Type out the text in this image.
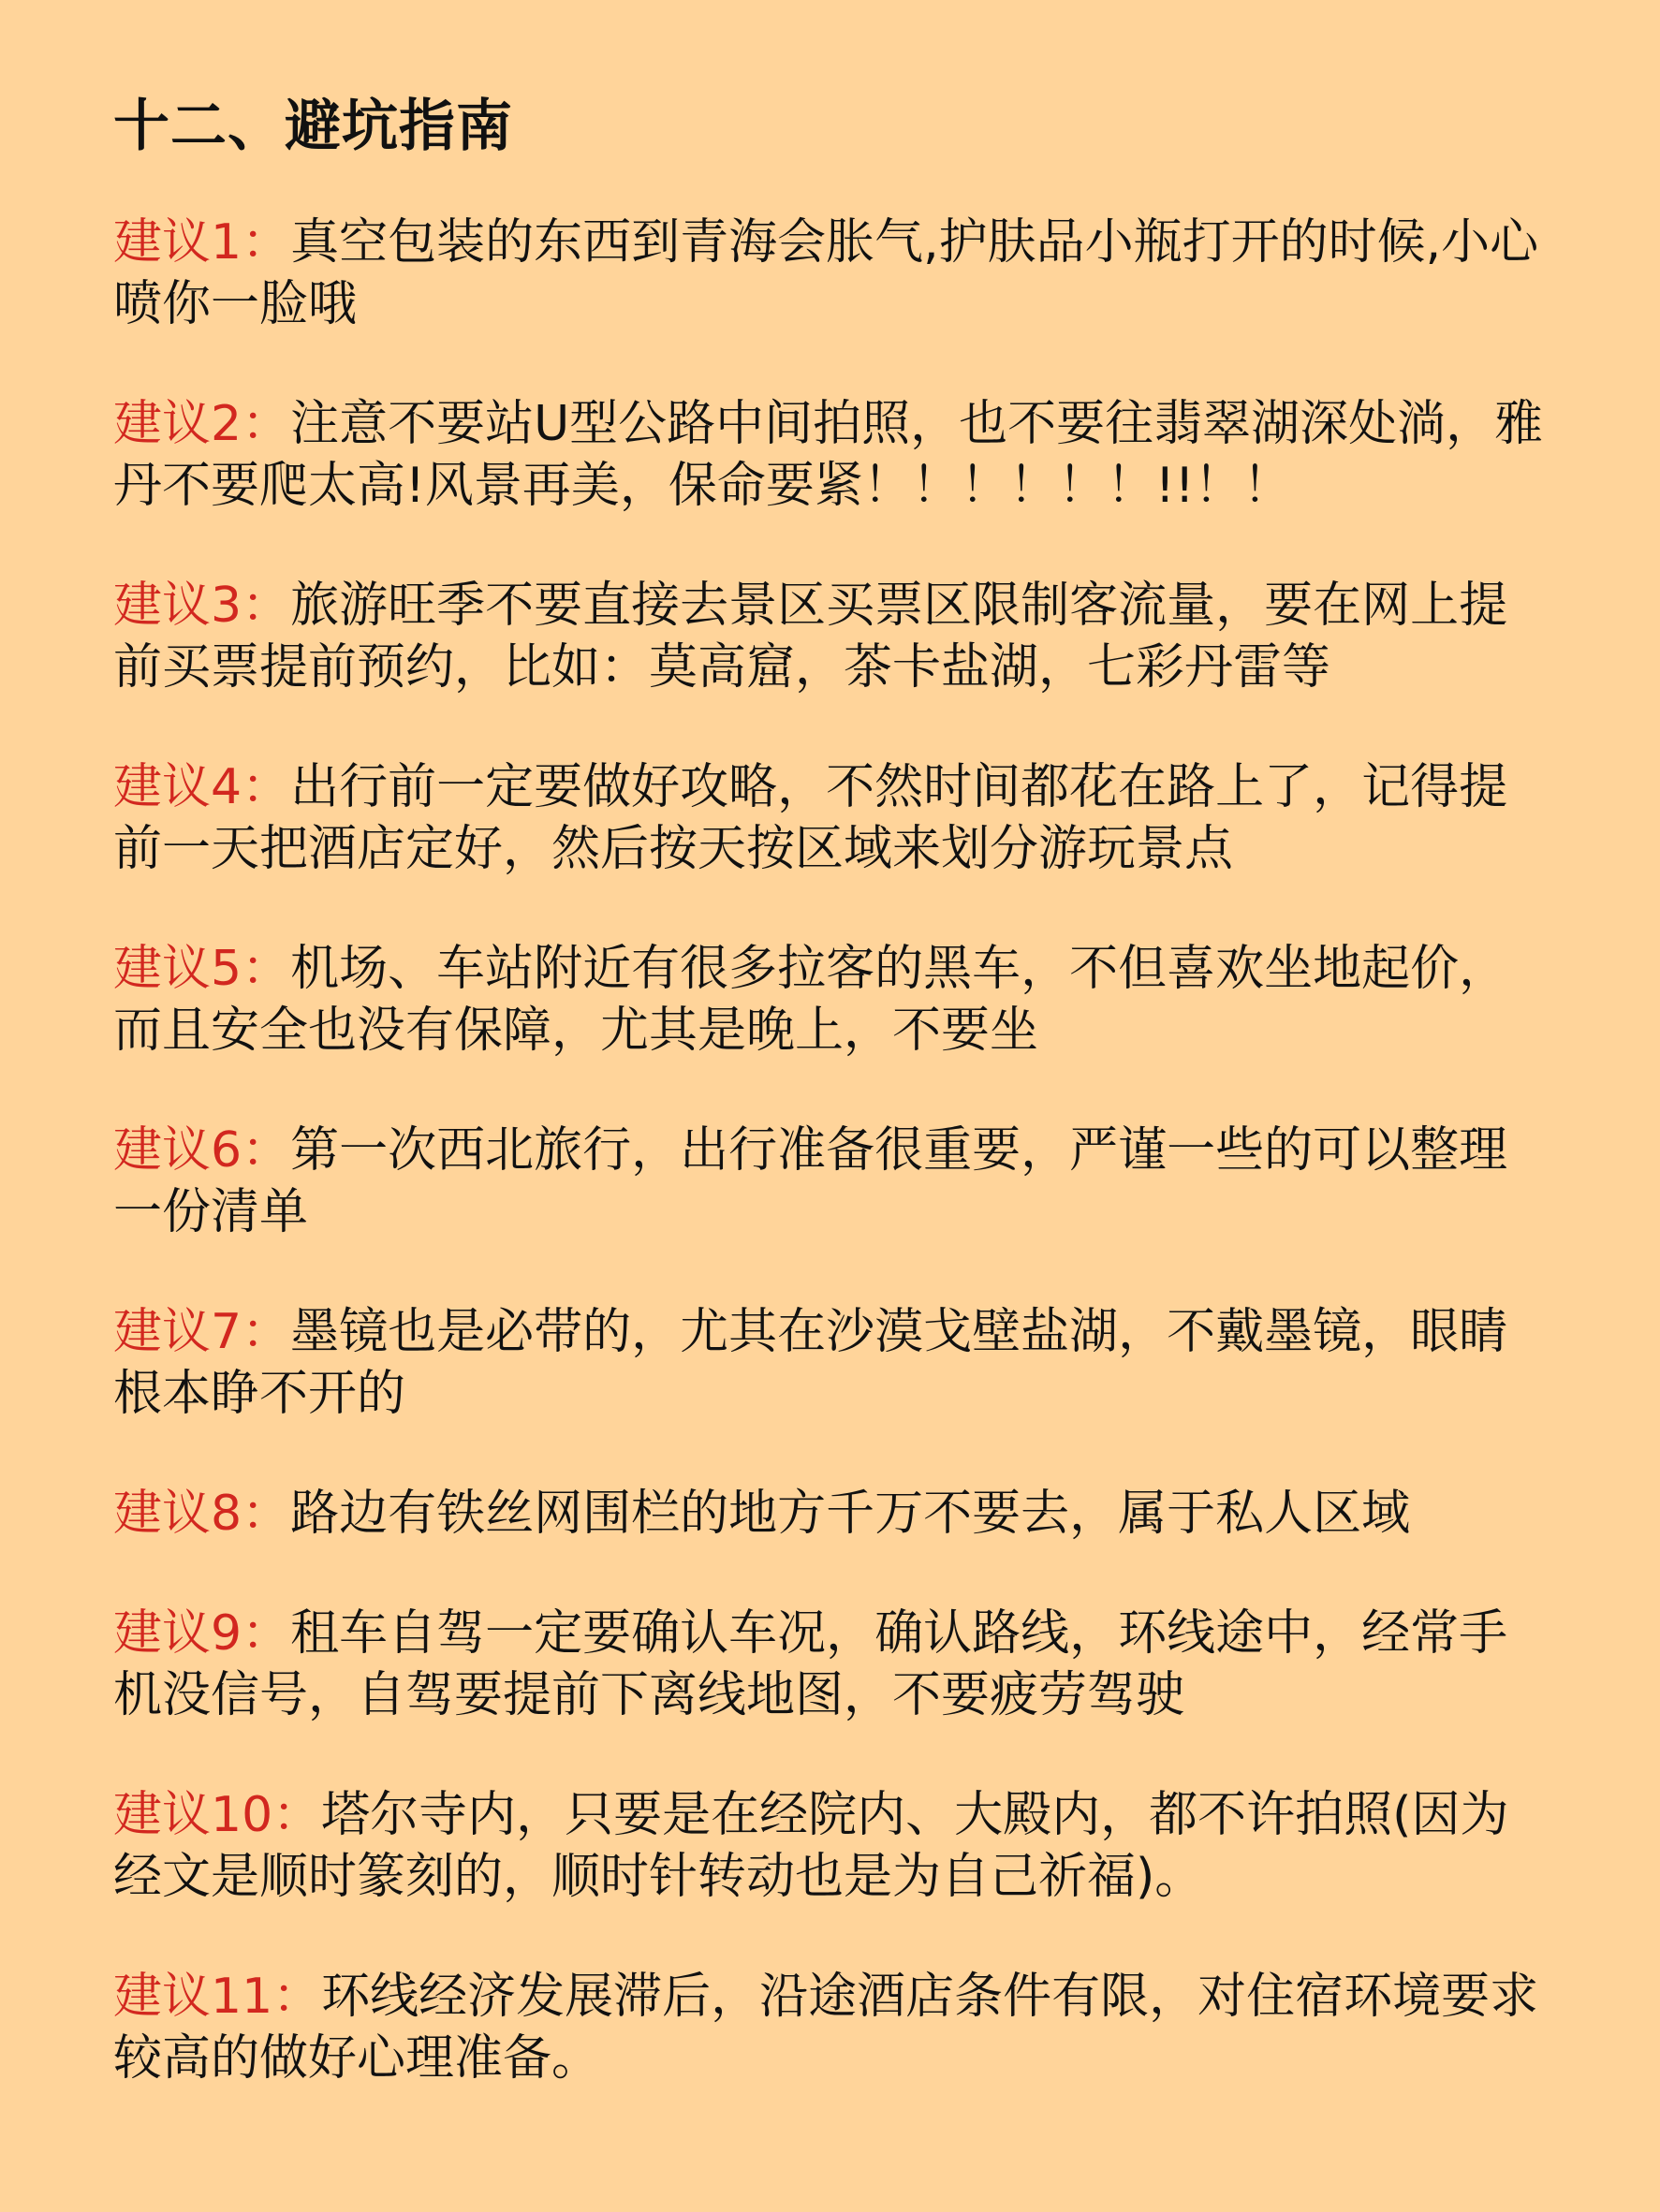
十二、避坑指南
建议1：真空包装的东西到青海会胀气,护肤品小瓶打开的时候,小心喷你一脸哦
建议2：注意不要站U型公路中间拍照，也不要往翡翠湖深处淌，雅丹不要爬太高!风景再美，保命要紧！！！！！！!!！！
建议3：旅游旺季不要直接去景区买票区限制客流量，要在网上提前买票提前预约，比如：莫高窟，茶卡盐湖，七彩丹雷等
建议4：出行前一定要做好攻略，不然时间都花在路上了，记得提前一天把酒店定好，然后按天按区域来划分游玩景点
建议5：机场、车站附近有很多拉客的黑车，不但喜欢坐地起价，而且安全也没有保障，尤其是晚上，不要坐
建议6：第一次西北旅行，出行准备很重要，严谨一些的可以整理一份清单
建议7：墨镜也是必带的，尤其在沙漠戈壁盐湖，不戴墨镜，眼睛根本睁不开的
建议8：路边有铁丝网围栏的地方千万不要去，属于私人区域
建议9：租车自驾一定要确认车况，确认路线，环线途中，经常手机没信号，自驾要提前下离线地图，不要疲劳驾驶
建议10：塔尔寺内，只要是在经院内、大殿内，都不许拍照(因为经文是顺时篆刻的，顺时针转动也是为自己祈福)。
建议11：环线经济发展滞后，沿途酒店条件有限，对住宿环境要求较高的做好心理准备。
